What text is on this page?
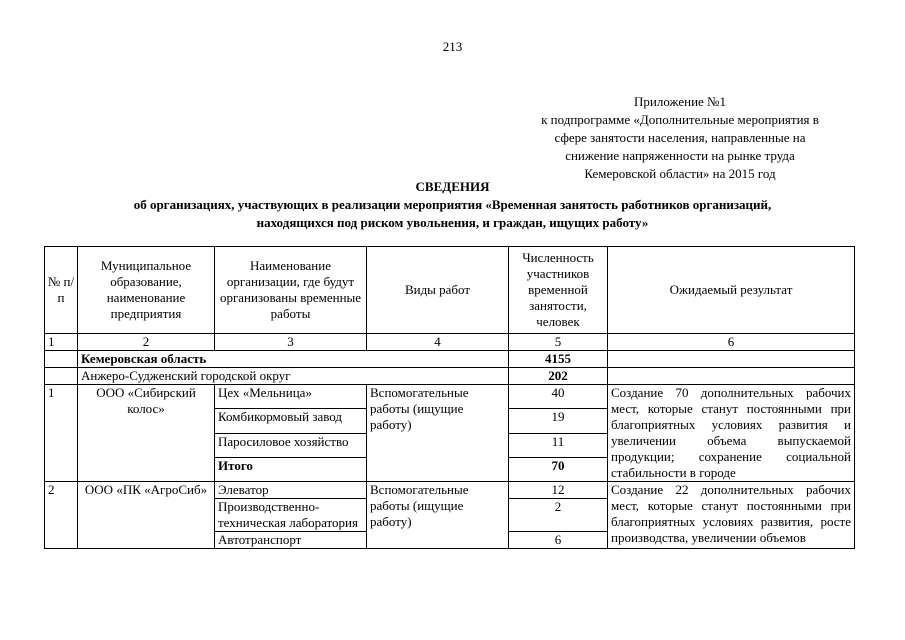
213
Приложение №1
к подпрограмме «Дополнительные мероприятия в
сфере занятости населения, направленные на
снижение напряженности на рынке труда
Кемеровской области» на 2015 год
СВЕДЕНИЯ
об организациях, участвующих в реализации мероприятия «Временная занятость работников организаций,
находящихся под риском увольнения, и граждан, ищущих работу»
№ п/п	Муниципальное образование, наименование предприятия	Наименование организации, где будут организованы временные работы	Виды работ	Численность участников временной занятости, человек	Ожидаемый результат
1	2	3	4	5	6
	Кемеровская область			4155	
	Анжеро-Судженский городской округ			202	
1	ООО «Сибирский колос»	Цех «Мельница»	Вспомогательные работы (ищущие работу)	40	Создание 70 дополнительных рабочих мест, которые станут постоянными при благоприятных условиях развития и увеличении объема выпускаемой продукции; сохранение социальной стабильности в городе
		Комбикормовый завод		19	
		Паросиловое хозяйство		11	
		Итого		70	
2	ООО «ПК «АгроСиб»	Элеватор	Вспомогательные работы (ищущие работу)	12	Создание 22 дополнительных рабочих мест, которые станут постоянными при благоприятных условиях развития, росте производства, увеличении объемов
		Производственно-техническая лаборатория		2	
		Автотранспорт		6	
